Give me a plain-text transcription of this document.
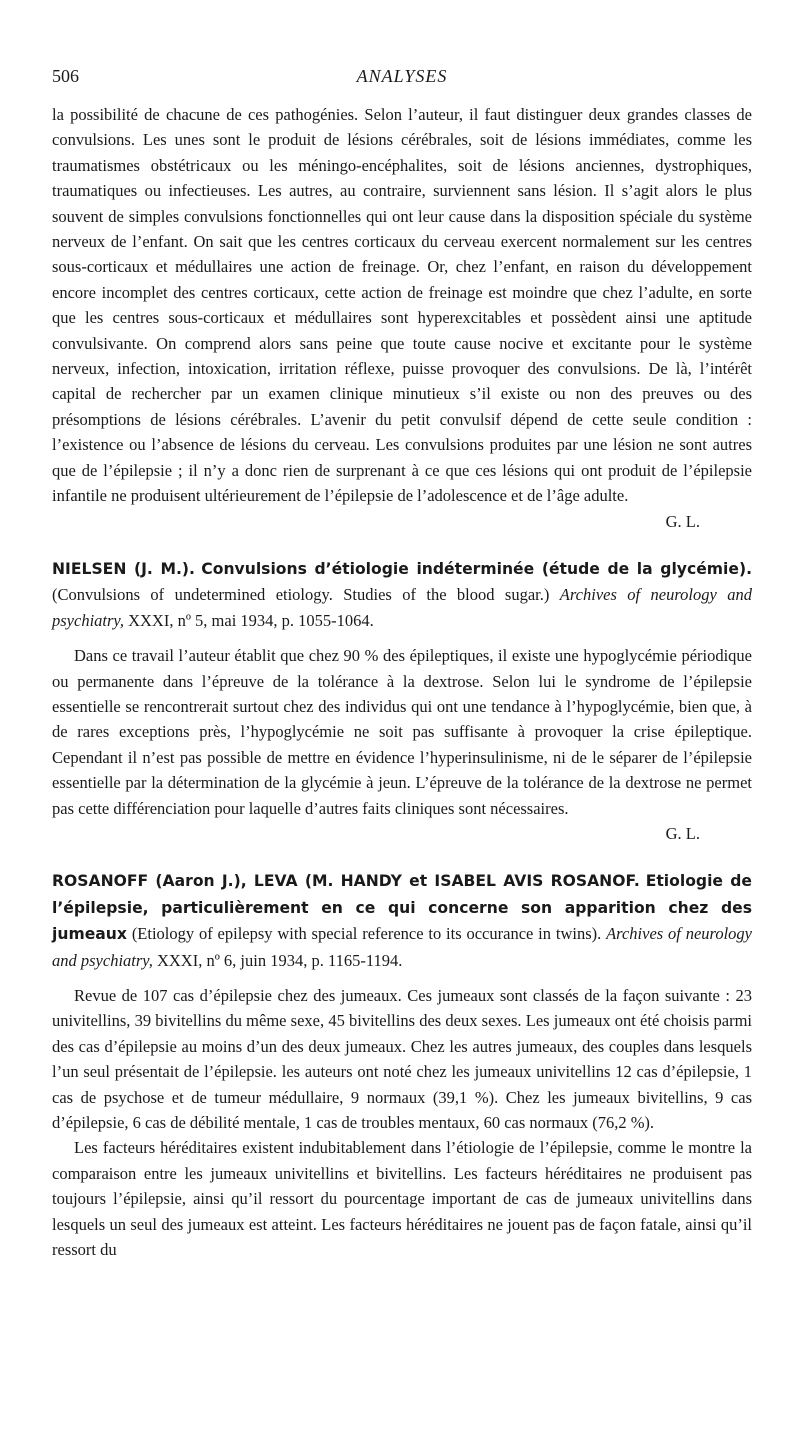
506	ANALYSES

la possibilité de chacune de ces pathogénies. Selon l’auteur, il faut distinguer deux grandes classes de convulsions. Les unes sont le produit de lésions cérébrales, soit de lésions immédiates, comme les traumatismes obstétricaux ou les méningo-encéphalites, soit de lésions anciennes, dystrophiques, traumatiques ou infectieuses. Les autres, au contraire, surviennent sans lésion. Il s’agit alors le plus souvent de simples convulsions fonctionnelles qui ont leur cause dans la disposition spéciale du système nerveux de l’enfant. On sait que les centres corticaux du cerveau exercent normalement sur les centres sous-corticaux et médullaires une action de freinage. Or, chez l’enfant, en raison du développement encore incomplet des centres corticaux, cette action de freinage est moindre que chez l’adulte, en sorte que les centres sous-corticaux et médullaires sont hyperexcitables et possèdent ainsi une aptitude convulsivante. On comprend alors sans peine que toute cause nocive et excitante pour le système nerveux, infection, intoxication, irritation réflexe, puisse provoquer des convulsions. De là, l’intérêt capital de rechercher par un examen clinique minutieux s’il existe ou non des preuves ou des présomptions de lésions cérébrales. L’avenir du petit convulsif dépend de cette seule condition : l’existence ou l’absence de lésions du cerveau. Les convulsions produites par une lésion ne sont autres que de l’épilepsie ; il n’y a donc rien de surprenant à ce que ces lésions qui ont produit de l’épilepsie infantile ne produisent ultérieurement de l’épilepsie de l’adolescence et de l’âge adulte.

G. L.

NIELSEN (J. M.). Convulsions d’étiologie indéterminée (étude de la glycémie). (Convulsions of undetermined etiology. Studies of the blood sugar.) Archives of neurology and psychiatry, XXXI, nº 5, mai 1934, p. 1055-1064.

Dans ce travail l’auteur établit que chez 90 % des épileptiques, il existe une hypoglycémie périodique ou permanente dans l’épreuve de la tolérance à la dextrose. Selon lui le syndrome de l’épilepsie essentielle se rencontrerait surtout chez des individus qui ont une tendance à l’hypoglycémie, bien que, à de rares exceptions près, l’hypoglycémie ne soit pas suffisante à provoquer la crise épileptique. Cependant il n’est pas possible de mettre en évidence l’hyperinsulinisme, ni de le séparer de l’épilepsie essentielle par la détermination de la glycémie à jeun. L’épreuve de la tolérance de la dextrose ne permet pas cette différenciation pour laquelle d’autres faits cliniques sont nécessaires.

G. L.

ROSANOFF (Aaron J.), LEVA (M. HANDY et ISABEL AVIS ROSANOF. Etiologie de l’épilepsie, particulièrement en ce qui concerne son apparition chez des jumeaux (Etiology of epilepsy with special reference to its occurance in twins). Archives of neurology and psychiatry, XXXI, nº 6, juin 1934, p. 1165-1194.

Revue de 107 cas d’épilepsie chez des jumeaux. Ces jumeaux sont classés de la façon suivante : 23 univitellins, 39 bivitellins du même sexe, 45 bivitellins des deux sexes. Les jumeaux ont été choisis parmi des cas d’épilepsie au moins d’un des deux jumeaux. Chez les autres jumeaux, des couples dans lesquels l’un seul présentait de l’épilepsie. les auteurs ont noté chez les jumeaux univitellins 12 cas d’épilepsie, 1 cas de psychose et de tumeur médullaire, 9 normaux (39,1 %). Chez les jumeaux bivitellins, 9 cas d’épilepsie, 6 cas de débilité mentale, 1 cas de troubles mentaux, 60 cas normaux (76,2 %).

Les facteurs héréditaires existent indubitablement dans l’étiologie de l’épilepsie, comme le montre la comparaison entre les jumeaux univitellins et bivitellins. Les facteurs héréditaires ne produisent pas toujours l’épilepsie, ainsi qu’il ressort du pourcentage important de cas de jumeaux univitellins dans lesquels un seul des jumeaux est atteint. Les facteurs héréditaires ne jouent pas de façon fatale, ainsi qu’il ressort du
